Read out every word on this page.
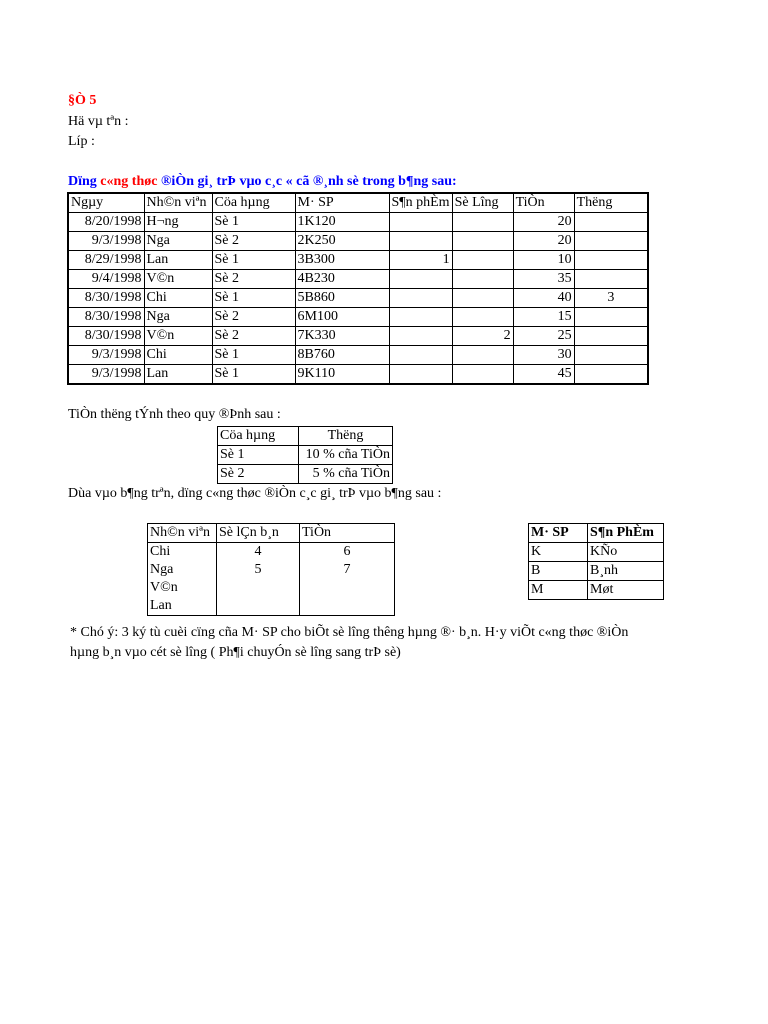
§Ò 5
Hä vµ tªn :
Líp :
Dïng c«ng thøc ®iÒn gi¸ trÞ vµo c¸c « cã ®¸nh sè trong b¶ng sau:
Ngµy	Nh©n viªn	Cöa hµng	M· SP	S¶n phÈm	Sè Lîng	TiÒn	Thëng
8/20/1998	H¬ng	Sè 1	1K120			20	
9/3/1998	Nga	Sè 2	2K250			20	
8/29/1998	Lan	Sè 1	3B300	1		10	
9/4/1998	V©n	Sè 2	4B230			35	
8/30/1998	Chi	Sè 1	5B860			40	3
8/30/1998	Nga	Sè 2	6M100			15	
8/30/1998	V©n	Sè 2	7K330		2	25	
9/3/1998	Chi	Sè 1	8B760			30	
9/3/1998	Lan	Sè 1	9K110			45	
TiÒn thëng tÝnh theo quy ®Þnh sau :
Cöa hµng	Thëng
Sè 1	10 % cña TiÒn
Sè 2	5 % cña TiÒn
Dùa vµo b¶ng trªn, dïng c«ng thøc ®iÒn c¸c gi¸ trÞ vµo b¶ng sau :
Nh©n viªn	Sè lÇn b¸n	TiÒn
Chi	4	6
Nga	5	7
V©n		
Lan		
M· SP	S¶n PhÈm
K	KÑo
B	B¸nh
M	Møt
* Chó ý: 3 ký tù cuèi cïng cña M· SP cho biÕt sè lîng thêng hµng ®· b¸n. H·y viÕt c«ng thøc ®iÒn
hµng b¸n vµo cét sè lîng ( Ph¶i chuyÓn sè lîng sang trÞ sè)
